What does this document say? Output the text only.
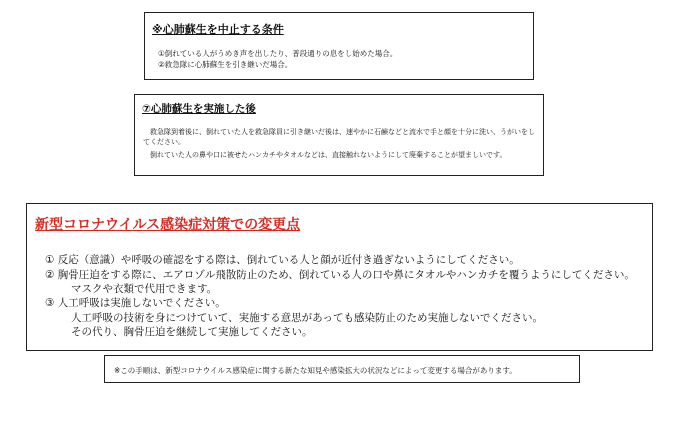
※心肺蘇生を中止する条件
①倒れている人がうめき声を出したり、普段通りの息をし始めた場合。
②救急隊に心肺蘇生を引き継いだ場合。
⑦心肺蘇生を実施した後
救急隊到着後に、倒れていた人を救急隊員に引き継いだ後は、速やかに石鹸などと流水で手と顔を十分に洗い、うがいをしてください。
倒れていた人の鼻や口に被せたハンカチやタオルなどは、直接触れないようにして廃棄することが望ましいです。
新型コロナウイルス感染症対策での変更点
① 反応（意識）や呼吸の確認をする際は、倒れている人と顔が近付き過ぎないようにしてください。
② 胸骨圧迫をする際に、エアロゾル飛散防止のため、倒れている人の口や鼻にタオルやハンカチを覆うようにしてください。
マスクや衣類で代用できます。
③ 人工呼吸は実施しないでください。
人工呼吸の技術を身につけていて、実施する意思があっても感染防止のため実施しないでください。
その代り、胸骨圧迫を継続して実施してください。
※この手順は、新型コロナウイルス感染症に関する新たな知見や感染拡大の状況などによって変更する場合があります。
